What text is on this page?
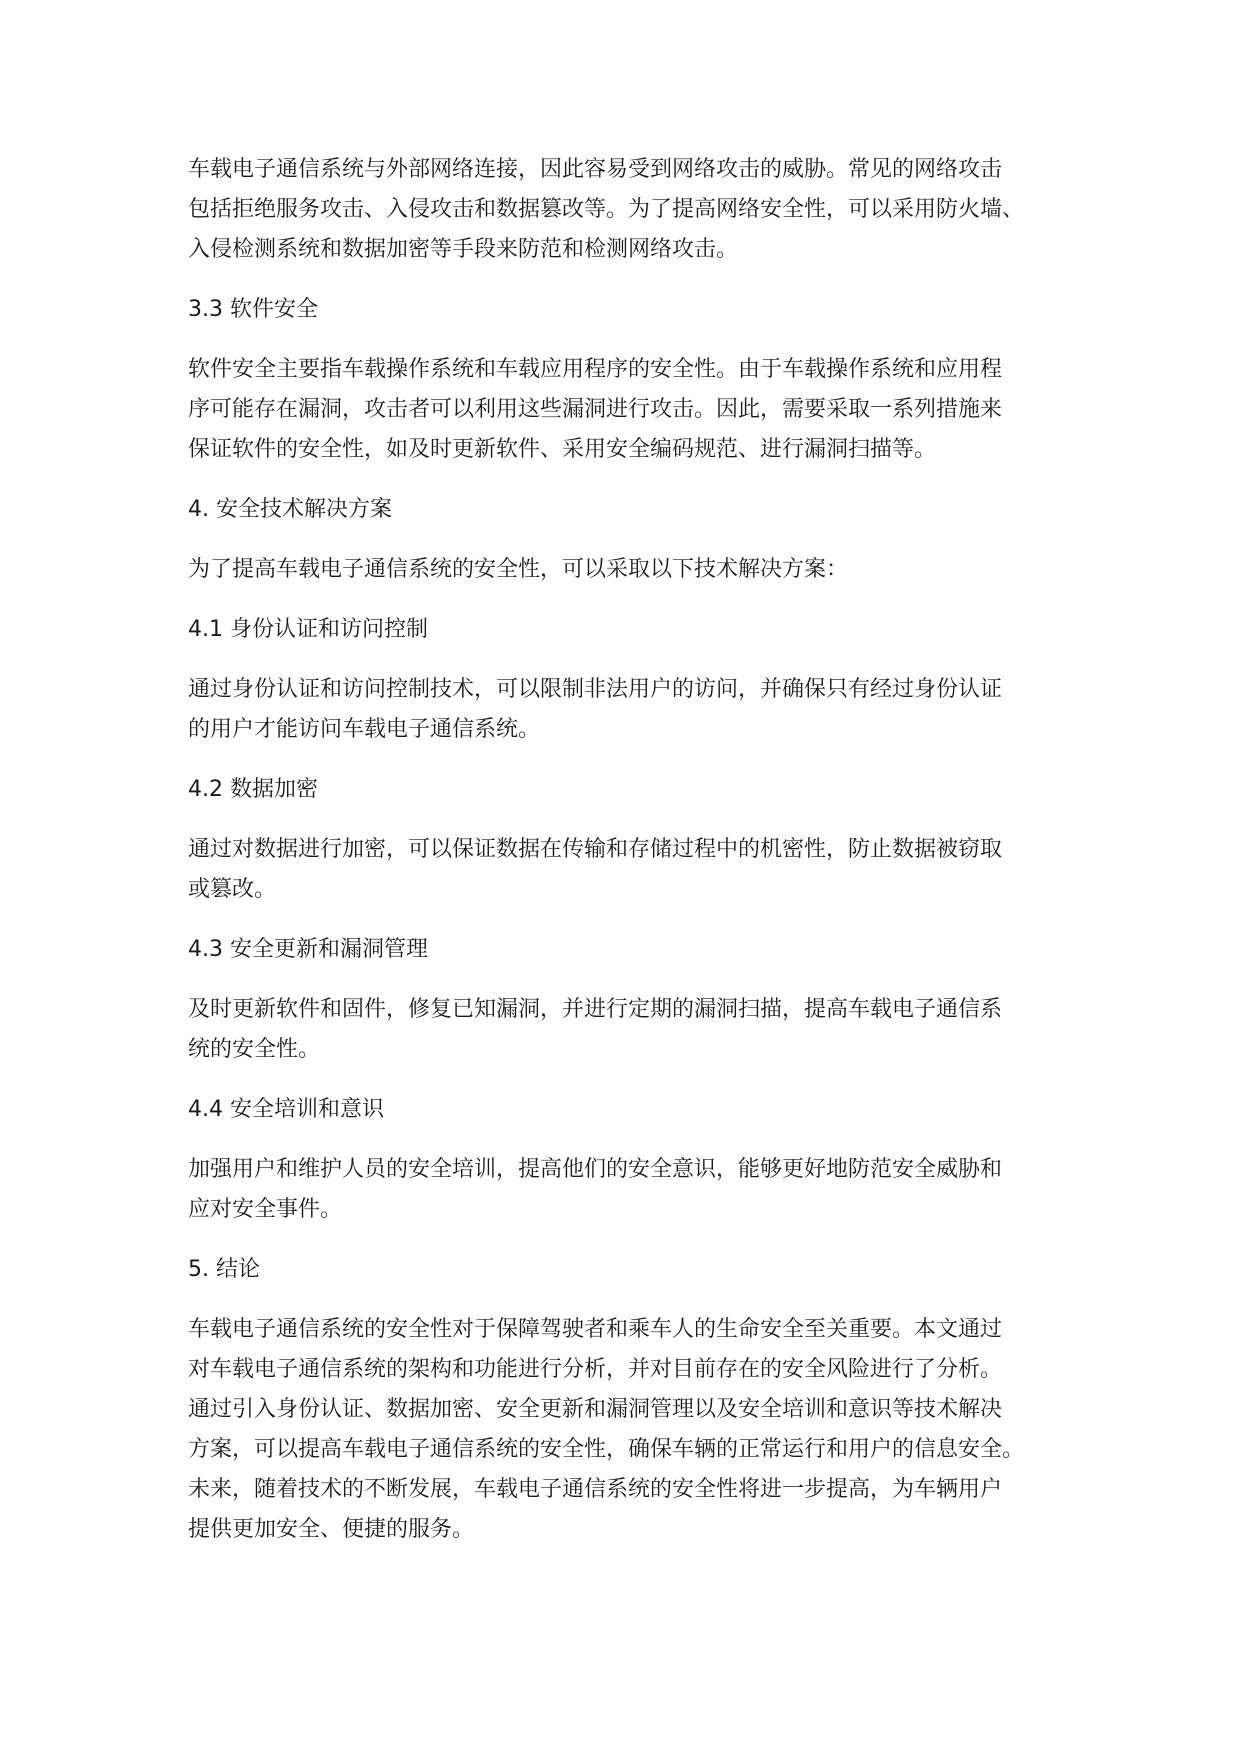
车载电子通信系统与外部网络连接，因此容易受到网络攻击的威胁。常见的网络攻击
包括拒绝服务攻击、入侵攻击和数据篡改等。为了提高网络安全性，可以采用防火墙、
入侵检测系统和数据加密等手段来防范和检测网络攻击。
3.3 软件安全
软件安全主要指车载操作系统和车载应用程序的安全性。由于车载操作系统和应用程
序可能存在漏洞，攻击者可以利用这些漏洞进行攻击。因此，需要采取一系列措施来
保证软件的安全性，如及时更新软件、采用安全编码规范、进行漏洞扫描等。
4. 安全技术解决方案
为了提高车载电子通信系统的安全性，可以采取以下技术解决方案：
4.1 身份认证和访问控制
通过身份认证和访问控制技术，可以限制非法用户的访问，并确保只有经过身份认证
的用户才能访问车载电子通信系统。
4.2 数据加密
通过对数据进行加密，可以保证数据在传输和存储过程中的机密性，防止数据被窃取
或篡改。
4.3 安全更新和漏洞管理
及时更新软件和固件，修复已知漏洞，并进行定期的漏洞扫描，提高车载电子通信系
统的安全性。
4.4 安全培训和意识
加强用户和维护人员的安全培训，提高他们的安全意识，能够更好地防范安全威胁和
应对安全事件。
5. 结论
车载电子通信系统的安全性对于保障驾驶者和乘车人的生命安全至关重要。本文通过
对车载电子通信系统的架构和功能进行分析，并对目前存在的安全风险进行了分析。
通过引入身份认证、数据加密、安全更新和漏洞管理以及安全培训和意识等技术解决
方案，可以提高车载电子通信系统的安全性，确保车辆的正常运行和用户的信息安全。
未来，随着技术的不断发展，车载电子通信系统的安全性将进一步提高，为车辆用户
提供更加安全、便捷的服务。
